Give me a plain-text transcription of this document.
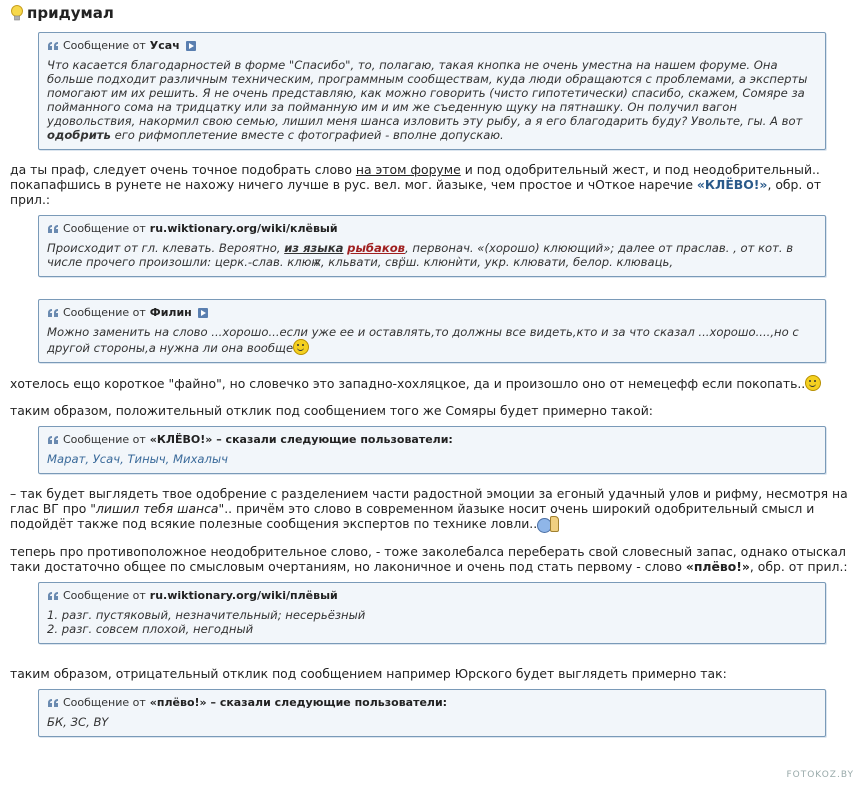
придумал
Сообщение от Усач
Что касается благодарностей в форме "Спасибо", то, полагаю, такая кнопка не очень уместна на нашем форуме. Она больше подходит различным техническим, программным сообществам, куда люди обращаются с проблемами, а эксперты помогают им их решить. Я не очень представляю, как можно говорить (чисто гипотетически) спасибо, скажем, Сомяре за пойманного сома на тридцатку или за пойманную им и им же съеденную щуку на пятнашку. Он получил вагон удовольствия, накормил свою семью, лишил меня шанса изловить эту рыбу, а я его благодарить буду? Увольте, гы. А вот одобрить его рифмоплетение вместе с фотографией - вполне допускаю.

да ты праф, следует очень точное подобрать слово на этом форуме и под одобрительный жест, и под неодобрительный.. покапафшись в рунете не нахожу ничего лучше в рус. вел. мог. йазыке, чем простое и чОткое наречие «КЛЁВО!», обр. от прил.:

Сообщение от ru.wiktionary.org/wiki/клёвый
Происходит от гл. клевать. Вероятно, из языка рыбаков, первонач. «(хорошо) клюющий»; далее от праслав. , от кот. в числе прочего произошли: церк.-слав. клюѭ, кльвати, свр̈ш. клюнѝти, укр. клювати, белор. клюваць,
Сообщение от Филин
Можно заменить на слово ...хорошо...если уже ее и оставлять,то должны все видеть,кто и за что сказал ...хорошо....,но с другой стороны,а нужна ли она вообще

хотелось ещо короткое "файно", но словечко это западно-хохляцкое, да и произошло оно от немецефф если покопать..

таким образом, положительный отклик под сообщением того же Сомяры будет примерно такой:

Сообщение от «КЛЁВО!» – сказали следующие пользователи:
Марат, Усач, Тиныч, Михалыч

– так будет выглядеть твое одобрение с разделением части радостной эмоции за егоный удачный улов и рифму, несмотря на глас ВГ про "лишил тебя шанса".. причём это слово в современном йазыке носит очень широкий одобрительный смысл и подойдёт также под всякие полезные сообщения экспертов по технике ловли..

теперь про противоположное неодобрительное слово, - тоже заколебалса переберать свой словесный запас, однако отыскал таки достаточно общее по смысловым очертаниям, но лаконичное и очень под стать первому - слово «плёво!», обр. от прил.:

Сообщение от ru.wiktionary.org/wiki/плёвый
1. разг. пустяковый, незначительный; несерьёзный
2. разг. совсем плохой, негодный

таким образом, отрицательный отклик под сообщением например Юрского будет выглядеть примерно так:

Сообщение от «плёво!» – сказали следующие пользователи:
БК, ЗС, BY
FOTOKOZ.BY
